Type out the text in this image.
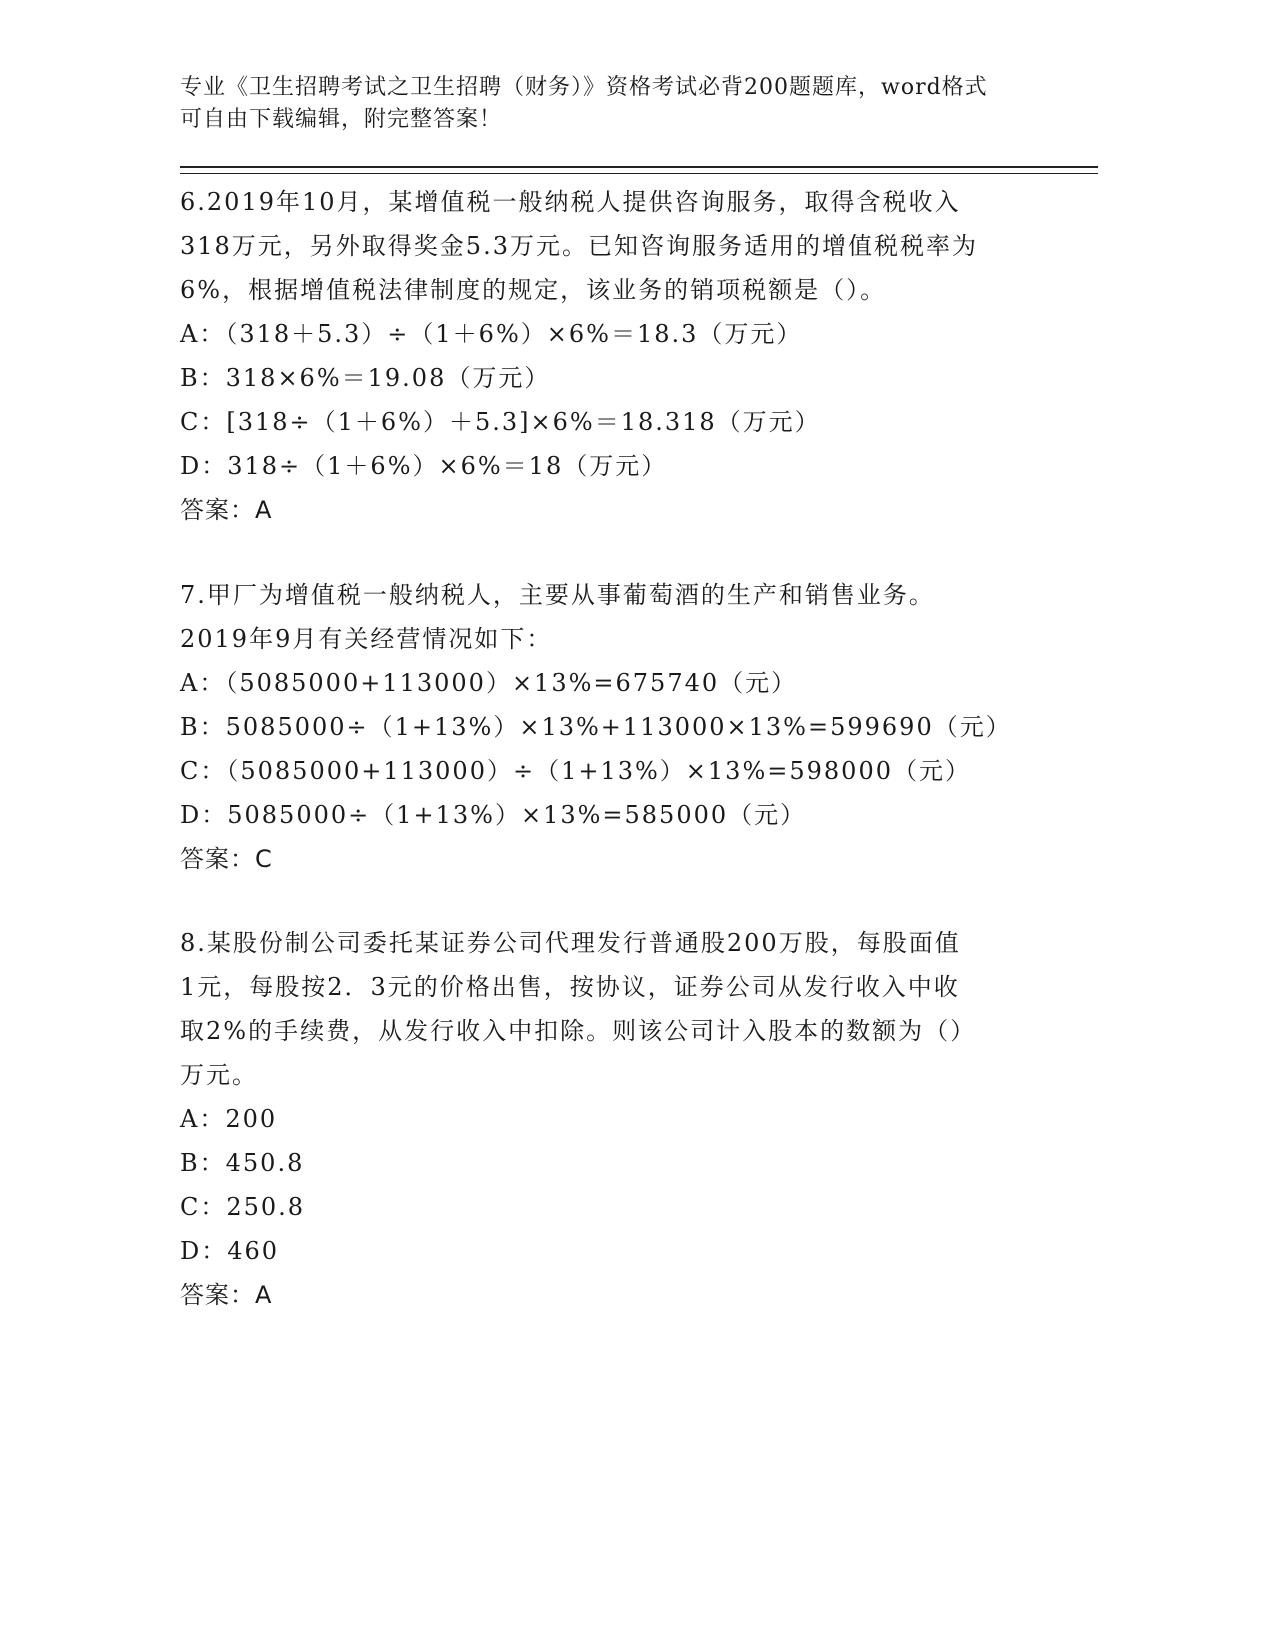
专业《卫生招聘考试之卫生招聘（财务）》资格考试必背200题题库，word格式
可自由下载编辑，附完整答案！
6.2019年10月，某增值税一般纳税人提供咨询服务，取得含税收入
318万元，另外取得奖金5.3万元。已知咨询服务适用的增值税税率为
6%，根据增值税法律制度的规定，该业务的销项税额是（）。
A：（318＋5.3）÷（1＋6%）×6%＝18.3（万元）
B：318×6%＝19.08（万元）
C：[318÷（1＋6%）＋5.3]×6%＝18.318（万元）
D：318÷（1＋6%）×6%＝18（万元）
答案：A
7.甲厂为增值税一般纳税人，主要从事葡萄酒的生产和销售业务。
2019年9月有关经营情况如下：
A：（5085000+113000）×13%=675740（元）
B：5085000÷（1+13%）×13%+113000×13%=599690（元）
C：（5085000+113000）÷（1+13%）×13%=598000（元）
D：5085000÷（1+13%）×13%=585000（元）
答案：C
8.某股份制公司委托某证券公司代理发行普通股200万股，每股面值
1元，每股按2．3元的价格出售，按协议，证券公司从发行收入中收
取2%的手续费，从发行收入中扣除。则该公司计入股本的数额为（）
万元。
A：200
B：450.8
C：250.8
D：460
答案：A
